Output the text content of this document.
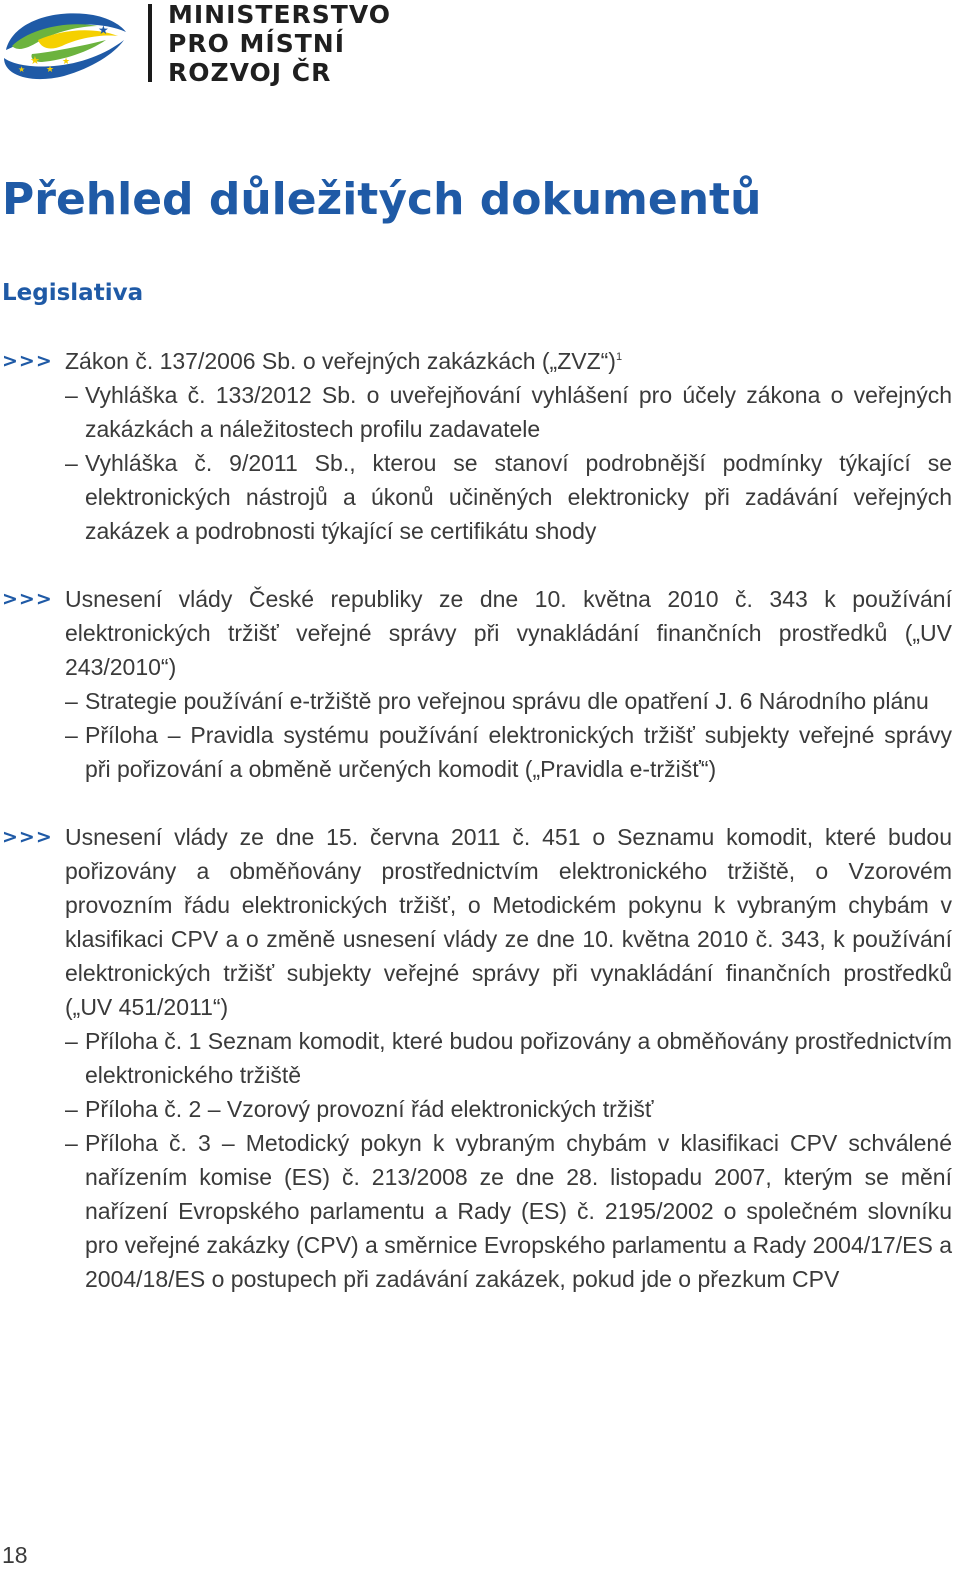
★
★
★
★
★
MINISTERSTVO
PRO MÍSTNÍ
ROZVOJ ČR
Přehled důležitých dokumentů
Legislativa
>>> Zákon č. 137/2006 Sb. o veřejných zakázkách („ZVZ“)$^1$

– Vyhláška č. 133/2012 Sb. o uveřejňování vyhlášení pro účely zákona o veřejných zakázkách a náležitostech profilu zadavatele
– Vyhláška č. 9/2011 Sb., kterou se stanoví podrobnější podmínky týkající se elektronických nástrojů a úkonů učiněných elektronicky při zadávání veřejných zakázek a podrobnosti týkající se certifikátu shody
>>> Usnesení vlády České republiky ze dne 10. května 2010 č. 343 k používání elektronických tržišť veřejné správy při vynakládání finančních prostředků („UV 243/2010“)

– Strategie používání e-tržiště pro veřejnou správu dle opatření J. 6 Národního plánu
– Příloha – Pravidla systému používání elektronických tržišť subjekty veřejné správy při pořizování a obměně určených komodit („Pravidla e-tržišť“)
>>> Usnesení vlády ze dne 15. června 2011 č. 451 o Seznamu komodit, které budou pořizovány a obměňovány prostřednictvím elektronického tržiště, o Vzorovém provozním řádu elektronických tržišť, o Metodickém pokynu k vybraným chybám v klasifikaci CPV a o změně usnesení vlády ze dne 10. května 2010 č. 343, k používání elektronických tržišť subjekty veřejné správy při vynakládání finančních prostředků („UV 451/2011“)

– Příloha č. 1 Seznam komodit, které budou pořizovány a obměňovány prostřednictvím elektronického tržiště
– Příloha č. 2 – Vzorový provozní řád elektronických tržišť
– Příloha č. 3 – Metodický pokyn k vybraným chybám v klasifikaci CPV schválené nařízením komise (ES) č. 213/2008 ze dne 28. listopadu 2007, kterým se mění nařízení Evropského parlamentu a Rady (ES) č. 2195/2002 o společném slovníku pro veřejné zakázky (CPV) a směrnice Evropského parlamentu a Rady 2004/17/ES a 2004/18/ES o postupech při zadávání zakázek, pokud jde o přezkum CPV
18
